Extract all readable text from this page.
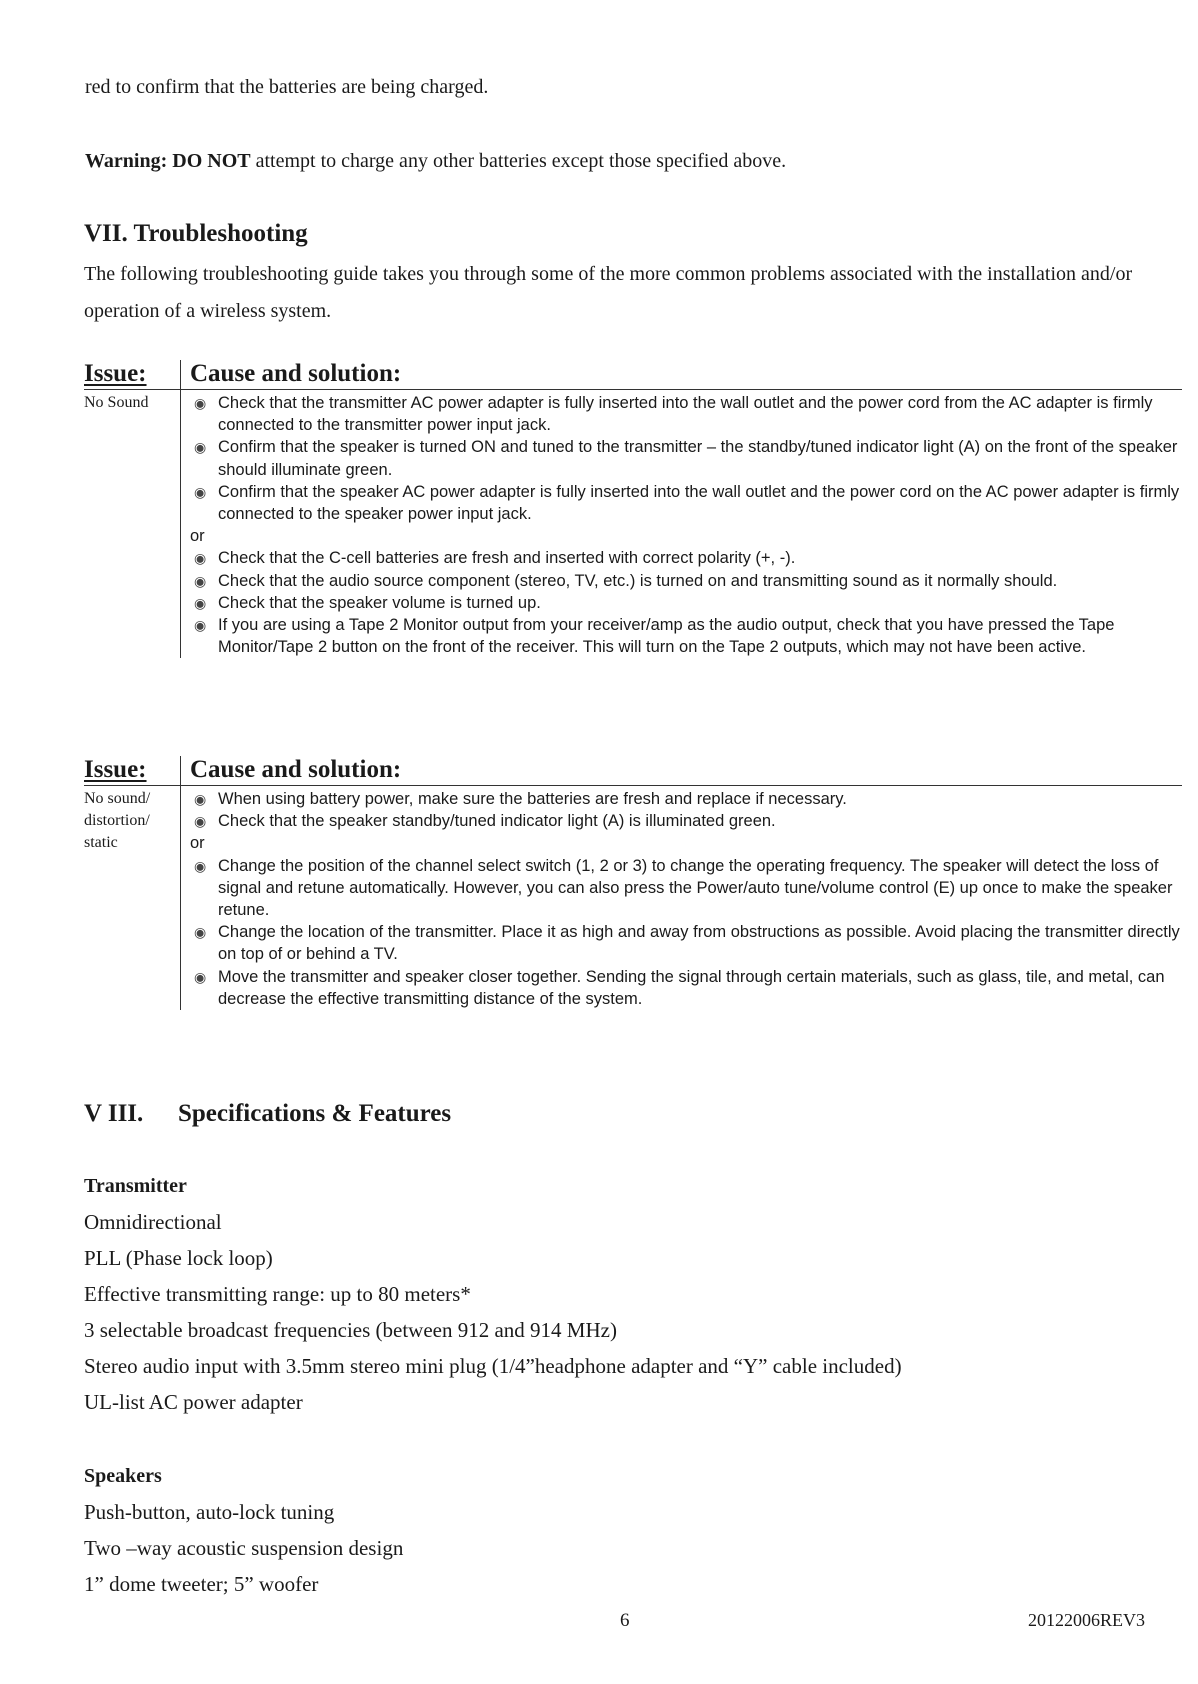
red to confirm that the batteries are being charged.
Warning: DO NOT attempt to charge any other batteries except those specified above.
VII. Troubleshooting
The following troubleshooting guide takes you through some of the more common problems associated with the installation and/or operation of a wireless system.
Issue: Cause and solution:
No Sound	◉ Check that the transmitter AC power adapter is fully inserted into the wall outlet and the power cord from the AC adapter is firmly connected to the transmitter power input jack.
◉ Confirm that the speaker is turned ON and tuned to the transmitter – the standby/tuned indicator light (A) on the front of the speaker should illuminate green.
◉ Confirm that the speaker AC power adapter is fully inserted into the wall outlet and the power cord on the AC power adapter is firmly connected to the speaker power input jack.
or
◉ Check that the C-cell batteries are fresh and inserted with correct polarity (+, -).
◉ Check that the audio source component (stereo, TV, etc.) is turned on and transmitting sound as it normally should.
◉ Check that the speaker volume is turned up.
◉ If you are using a Tape 2 Monitor output from your receiver/amp as the audio output, check that you have pressed the Tape Monitor/Tape 2 button on the front of the receiver. This will turn on the Tape 2 outputs, which may not have been active.
Issue: Cause and solution:
No sound/ distortion/ static
◉ When using battery power, make sure the batteries are fresh and replace if necessary.
◉ Check that the speaker standby/tuned indicator light (A) is illuminated green.
or
◉ Change the position of the channel select switch (1, 2 or 3) to change the operating frequency. The speaker will detect the loss of signal and retune automatically. However, you can also press the Power/auto tune/volume control (E) up once to make the speaker retune.
◉ Change the location of the transmitter. Place it as high and away from obstructions as possible. Avoid placing the transmitter directly on top of or behind a TV.
◉ Move the transmitter and speaker closer together. Sending the signal through certain materials, such as glass, tile, and metal, can decrease the effective transmitting distance of the system.
V III. Specifications & Features
Transmitter
Omnidirectional
PLL (Phase lock loop)
Effective transmitting range: up to 80 meters*
3 selectable broadcast frequencies (between 912 and 914 MHz)
Stereo audio input with 3.5mm stereo mini plug (1/4”headphone adapter and “Y” cable included)
UL-list AC power adapter
Speakers
Push-button, auto-lock tuning
Two –way acoustic suspension design
1” dome tweeter; 5” woofer
6	20122006REV3
